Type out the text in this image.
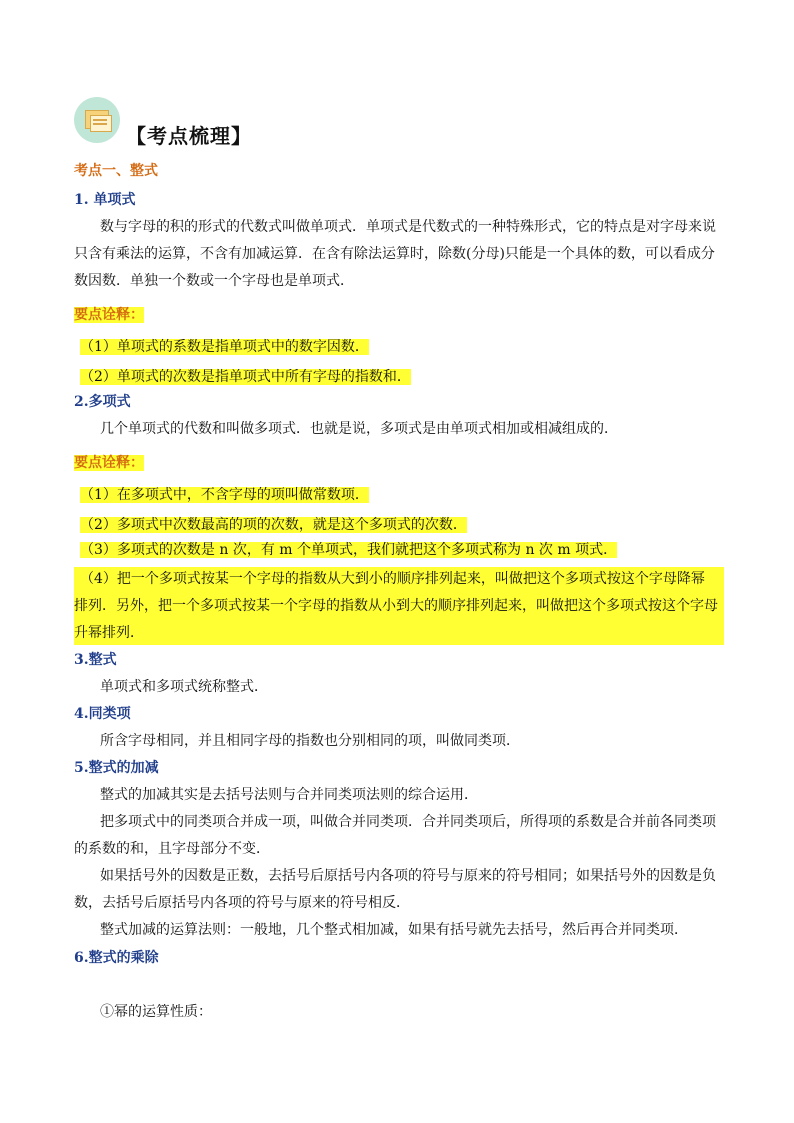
【考点梳理】
考点一、整式
1. 单项式
数与字母的积的形式的代数式叫做单项式．单项式是代数式的一种特殊形式，它的特点是对字母来说
只含有乘法的运算，不含有加减运算．在含有除法运算时，除数(分母)只能是一个具体的数，可以看成分
数因数．单独一个数或一个字母也是单项式．
要点诠释：
（1）单项式的系数是指单项式中的数字因数．
（2）单项式的次数是指单项式中所有字母的指数和．
2.多项式
几个单项式的代数和叫做多项式．也就是说，多项式是由单项式相加或相减组成的．
要点诠释：
（1）在多项式中，不含字母的项叫做常数项．
（2）多项式中次数最高的项的次数，就是这个多项式的次数．
（3）多项式的次数是 n 次，有 m 个单项式，我们就把这个多项式称为 n 次 m 项式．
（4）把一个多项式按某一个字母的指数从大到小的顺序排列起来，叫做把这个多项式按这个字母降幂
排列．另外，把一个多项式按某一个字母的指数从小到大的顺序排列起来，叫做把这个多项式按这个字母
升幂排列．
3.整式
单项式和多项式统称整式．
4.同类项
所含字母相同，并且相同字母的指数也分别相同的项，叫做同类项．
5.整式的加减
整式的加减其实是去括号法则与合并同类项法则的综合运用．
把多项式中的同类项合并成一项，叫做合并同类项．合并同类项后，所得项的系数是合并前各同类项
的系数的和，且字母部分不变．
如果括号外的因数是正数，去括号后原括号内各项的符号与原来的符号相同；如果括号外的因数是负
数，去括号后原括号内各项的符号与原来的符号相反．
整式加减的运算法则：一般地，几个整式相加减，如果有括号就先去括号，然后再合并同类项．
6.整式的乘除
①幂的运算性质：
